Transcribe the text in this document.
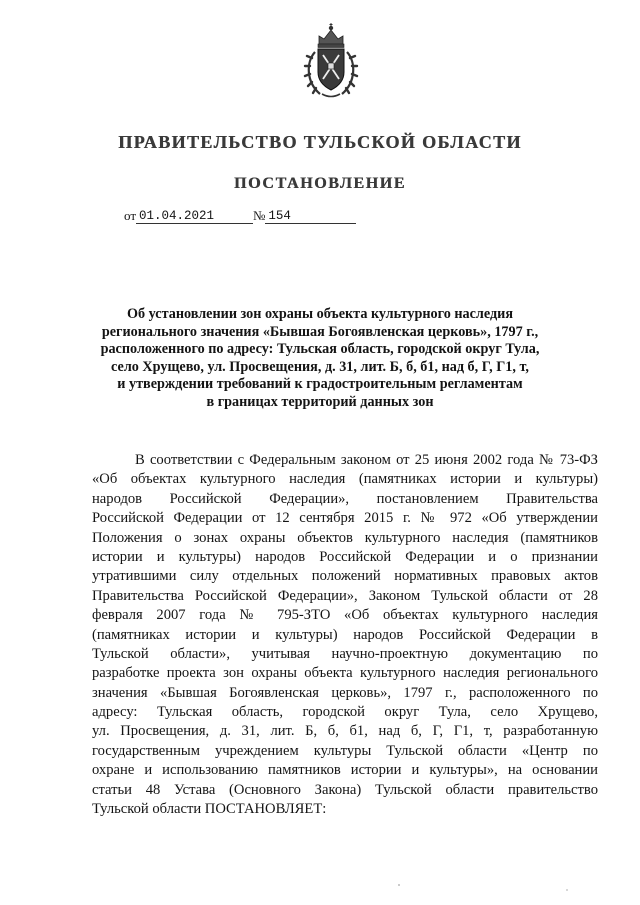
ПРАВИТЕЛЬСТВО ТУЛЬСКОЙ ОБЛАСТИ
ПОСТАНОВЛЕНИЕ
от 01.04.2021	№ 154
Об установлении зон охраны объекта культурного наследия
регионального значения «Бывшая Богоявленская церковь», 1797 г.,
расположенного по адресу: Тульская область, городской округ Тула,
село Хрущево, ул. Просвещения, д. 31, лит. Б, б, б1, над б, Г, Г1, т,
и утверждении требований к градостроительным регламентам
в границах территорий данных зон
В соответствии с Федеральным законом от 25 июня 2002 года № 73-ФЗ
«Об объектах культурного наследия (памятниках истории и культуры)
народов Российской Федерации», постановлением Правительства
Российской Федерации от 12 сентября 2015 г. № 972 «Об утверждении
Положения о зонах охраны объектов культурного наследия (памятников
истории и культуры) народов Российской Федерации и о признании
утратившими силу отдельных положений нормативных правовых актов
Правительства Российской Федерации», Законом Тульской области от 28
февраля 2007 года № 795-ЗТО «Об объектах культурного наследия
(памятниках истории и культуры) народов Российской Федерации в
Тульской области», учитывая научно-проектную документацию по
разработке проекта зон охраны объекта культурного наследия регионального
значения «Бывшая Богоявленская церковь», 1797 г., расположенного по
адресу: Тульская область, городской округ Тула, село Хрущево,
ул. Просвещения, д. 31, лит. Б, б, б1, над б, Г, Г1, т, разработанную
государственным учреждением культуры Тульской области «Центр по
охране и использованию памятников истории и культуры», на основании
статьи 48 Устава (Основного Закона) Тульской области правительство
Тульской области ПОСТАНОВЛЯЕТ:
